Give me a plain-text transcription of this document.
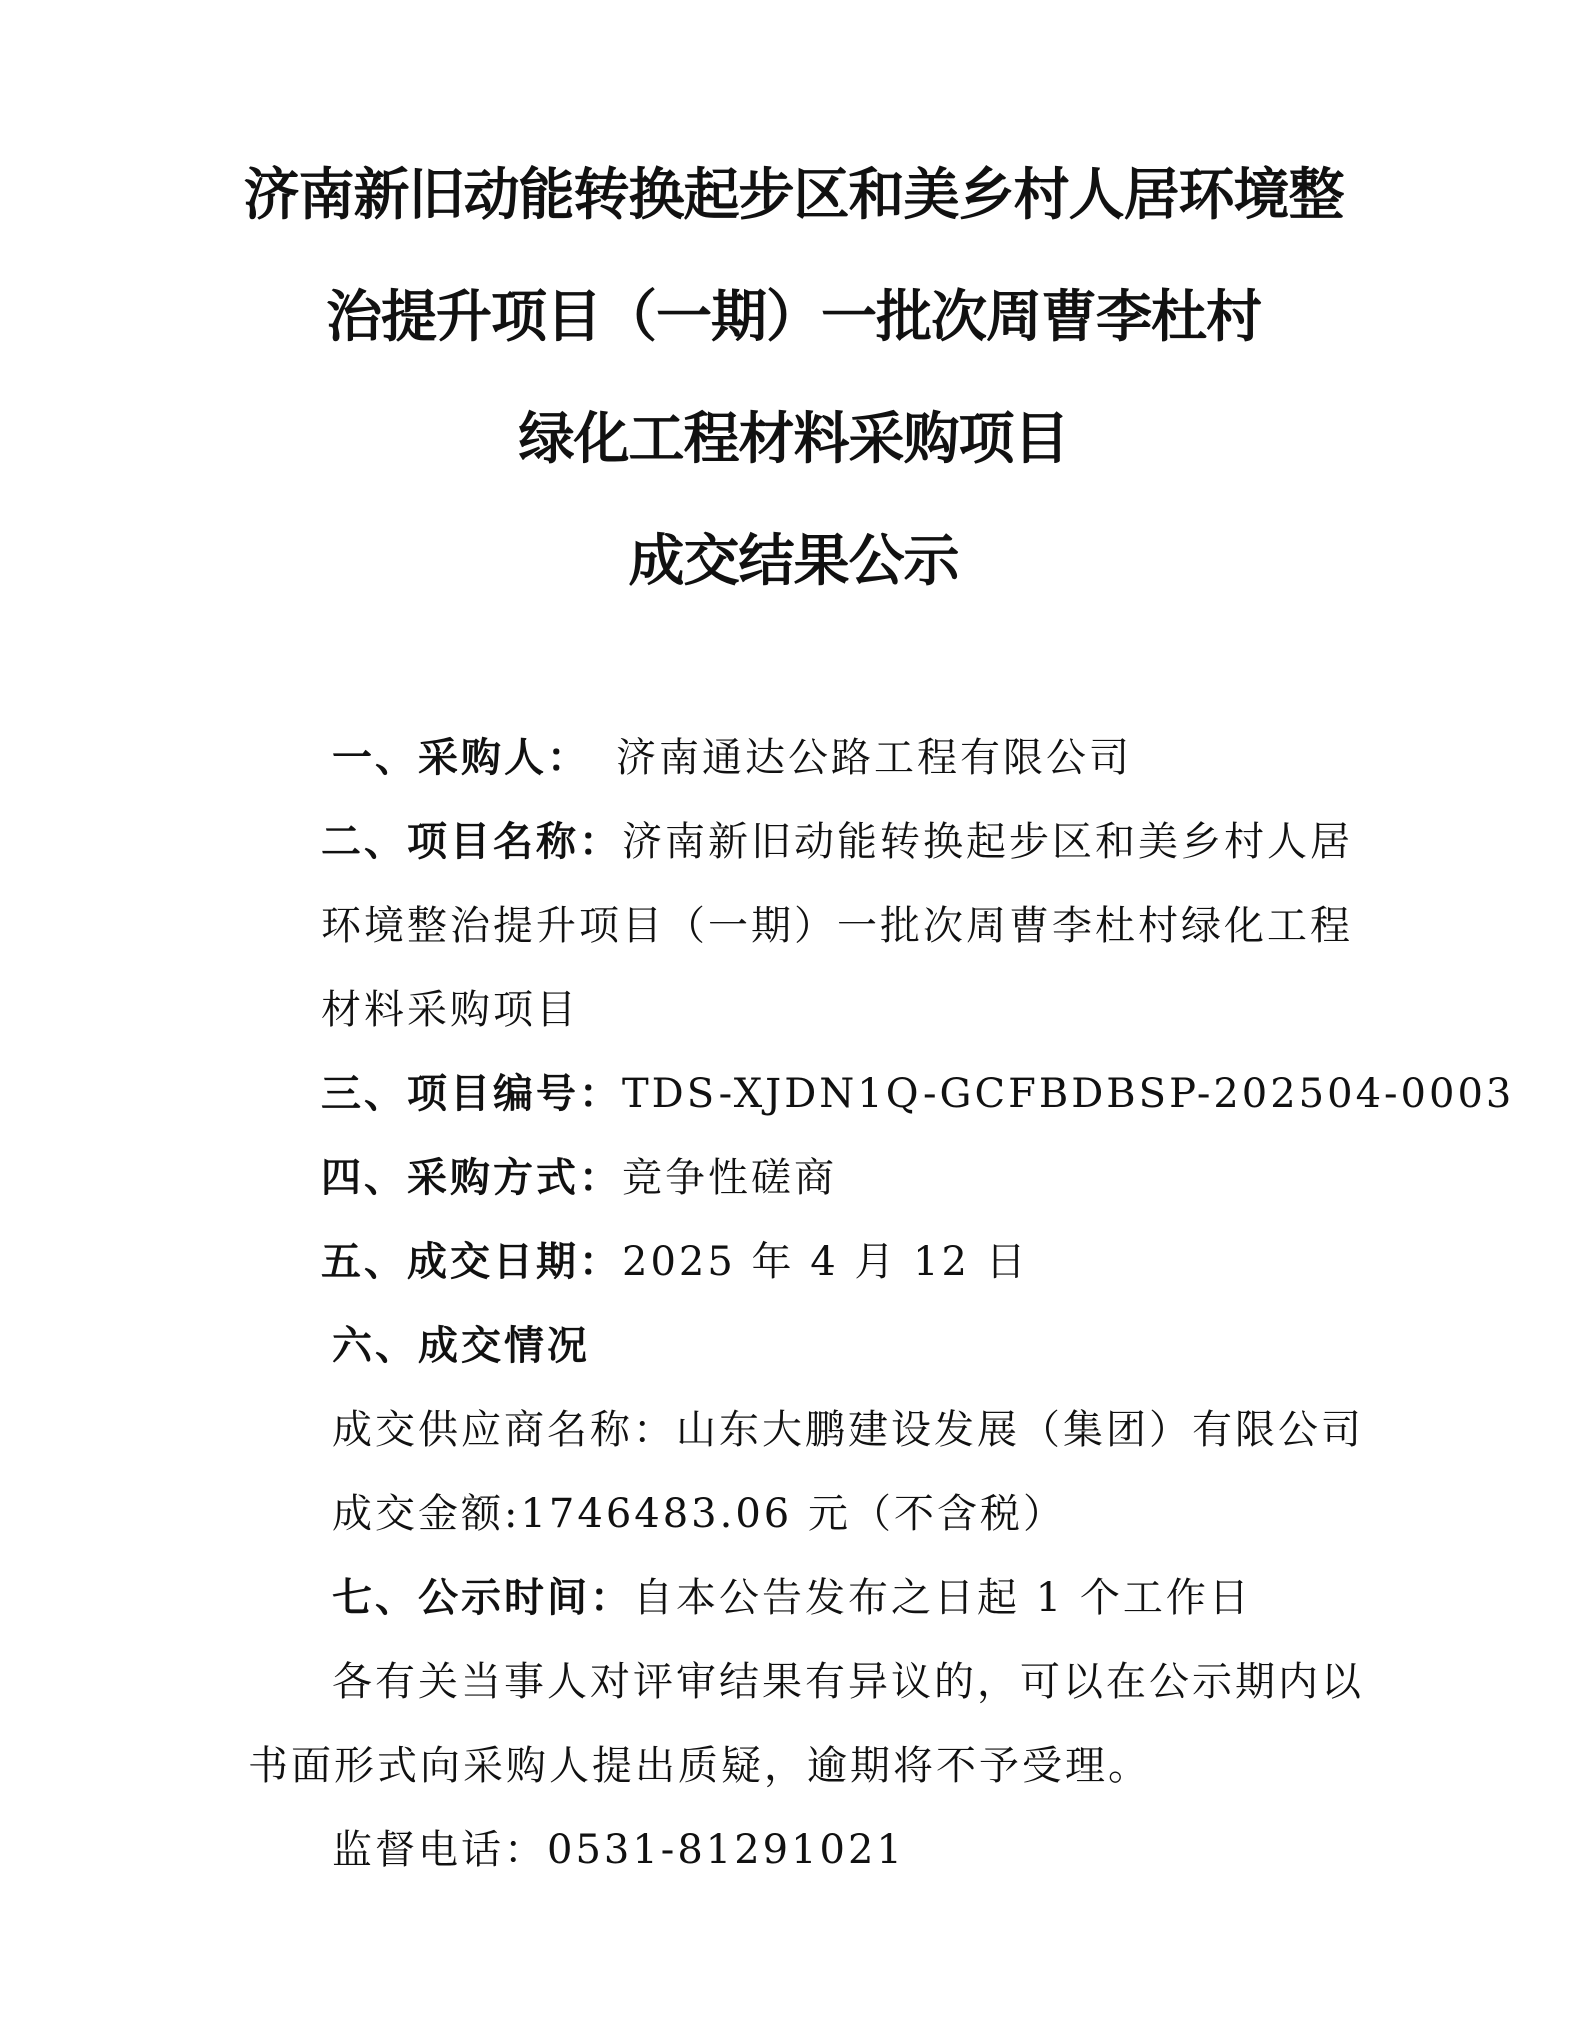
济南新旧动能转换起步区和美乡村人居环境整
治提升项目（一期）一批次周曹李杜村
绿化工程材料采购项目
成交结果公示
一、采购人： 济南通达公路工程有限公司
二、项目名称：济南新旧动能转换起步区和美乡村人居
环境整治提升项目（一期）一批次周曹李杜村绿化工程
材料采购项目
三、项目编号：TDS-XJDN1Q-GCFBDBSP-202504-0003
四、采购方式：竞争性磋商
五、成交日期：2025 年 4 月 12 日
六、成交情况
成交供应商名称：山东大鹏建设发展（集团）有限公司
成交金额:1746483.06 元（不含税）
七、公示时间：自本公告发布之日起 1 个工作日
各有关当事人对评审结果有异议的，可以在公示期内以
书面形式向采购人提出质疑，逾期将不予受理。
监督电话：0531-81291021
